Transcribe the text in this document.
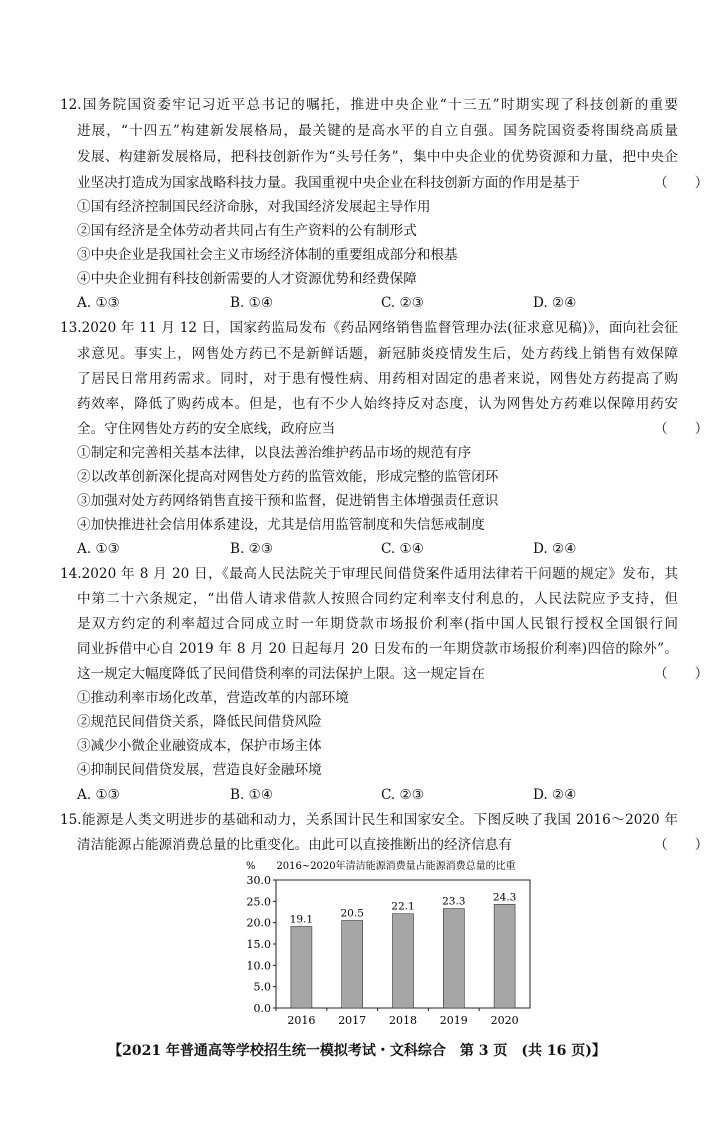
12.国务院国资委牢记习近平总书记的嘱托，推进中央企业“十三五”时期实现了科技创新的重要
进展，“十四五”构建新发展格局，最关键的是高水平的自立自强。国务院国资委将围绕高质量
发展、构建新发展格局，把科技创新作为“头号任务”，集中中央企业的优势资源和力量，把中央企
业坚决打造成为国家战略科技力量。我国重视中央企业在科技创新方面的作用是基于	（　　）
①国有经济控制国民经济命脉，对我国经济发展起主导作用
②国有经济是全体劳动者共同占有生产资料的公有制形式
③中央企业是我国社会主义市场经济体制的重要组成部分和根基
④中央企业拥有科技创新需要的人才资源优势和经费保障
A. ①③	B. ①④	C. ②③	D. ②④
13.2020 年 11 月 12 日，国家药监局发布《药品网络销售监督管理办法(征求意见稿)》，面向社会征
求意见。事实上，网售处方药已不是新鲜话题，新冠肺炎疫情发生后，处方药线上销售有效保障
了居民日常用药需求。同时，对于患有慢性病、用药相对固定的患者来说，网售处方药提高了购
药效率，降低了购药成本。但是，也有不少人始终持反对态度，认为网售处方药难以保障用药安
全。守住网售处方药的安全底线，政府应当	（　　）
①制定和完善相关基本法律，以良法善治维护药品市场的规范有序
②以改革创新深化提高对网售处方药的监管效能，形成完整的监管闭环
③加强对处方药网络销售直接干预和监督，促进销售主体增强责任意识
④加快推进社会信用体系建设，尤其是信用监管制度和失信惩戒制度
A. ①③	B. ②③	C. ①④	D. ②④
14.2020 年 8 月 20 日，《最高人民法院关于审理民间借贷案件适用法律若干问题的规定》发布，其
中第二十六条规定，“出借人请求借款人按照合同约定利率支付利息的，人民法院应予支持，但
是双方约定的利率超过合同成立时一年期贷款市场报价利率(指中国人民银行授权全国银行间
同业拆借中心自 2019 年 8 月 20 日起每月 20 日发布的一年期贷款市场报价利率)四倍的除外”。
这一规定大幅度降低了民间借贷利率的司法保护上限。这一规定旨在	（　　）
①推动利率市场化改革，营造改革的内部环境
②规范民间借贷关系，降低民间借贷风险
③减少小微企业融资成本，保护市场主体
④抑制民间借贷发展，营造良好金融环境
A. ①③	B. ①④	C. ②③	D. ②④
15.能源是人类文明进步的基础和动力，关系国计民生和国家安全。下图反映了我国 2016～2020 年
清洁能源占能源消费总量的比重变化。由此可以直接推断出的经济信息有	（　　）
% 2016~2020年清洁能源消费量占能源消费总量的比重
0.0
5.0
10.0
15.0
20.0
25.0
30.0
19.1	20.5
22.1	23.3	24.3
2016 2017 2018 2019 2020
【2021 年普通高等学校招生统一模拟考试・文科综合　第 3 页　(共 16 页)】
